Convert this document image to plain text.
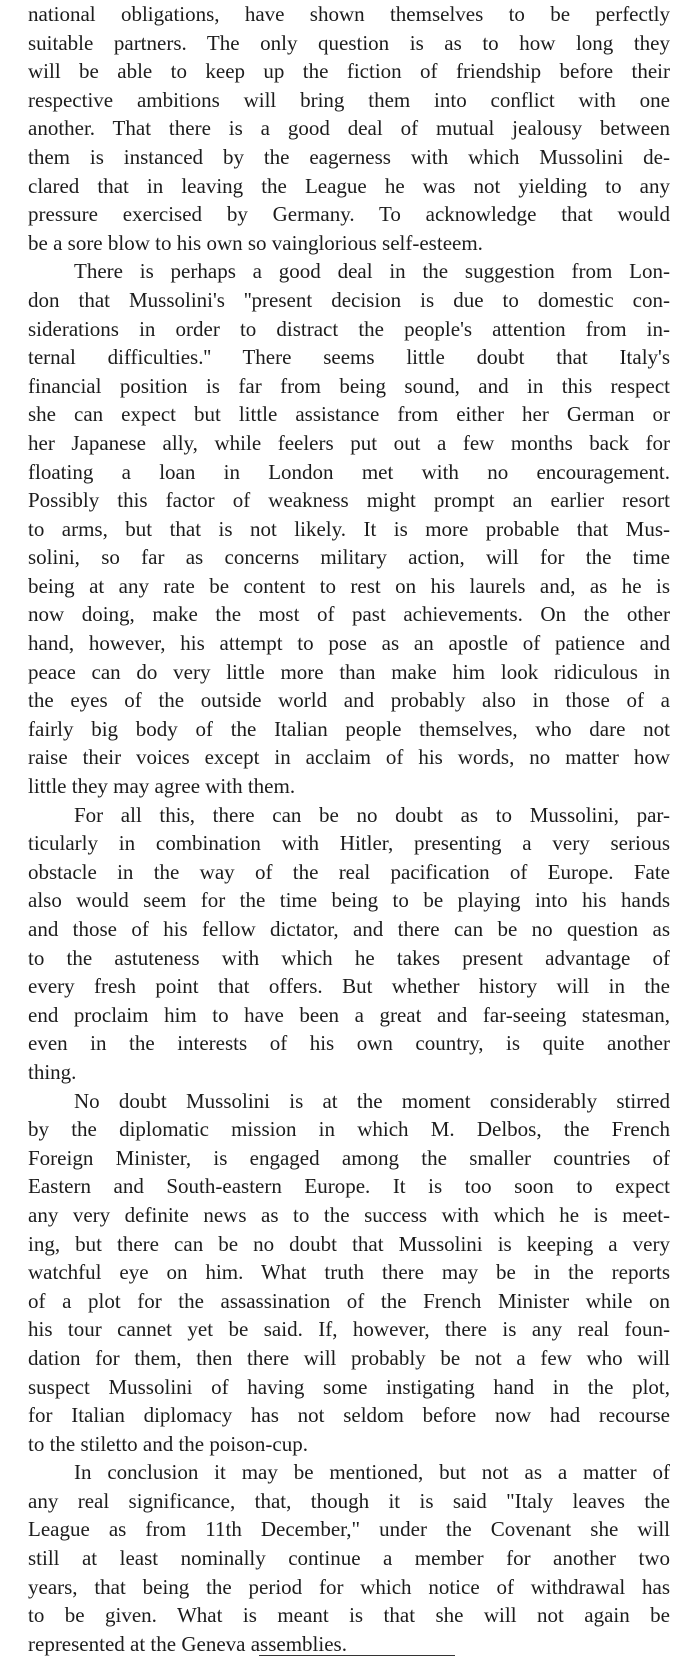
national obligations, have shown themselves to be perfectly
suitable partners. The only question is as to how long they
will be able to keep up the fiction of friendship before their
respective ambitions will bring them into conflict with one
another. That there is a good deal of mutual jealousy between
them is instanced by the eagerness with which Mussolini de-
clared that in leaving the League he was not yielding to any
pressure exercised by Germany. To acknowledge that would
be a sore blow to his own so vainglorious self-esteem.
There is perhaps a good deal in the suggestion from Lon-
don that Mussolini's ''present decision is due to domestic con-
siderations in order to distract the people's attention from in-
ternal difficulties.'' There seems little doubt that Italy's
financial position is far from being sound, and in this respect
she can expect but little assistance from either her German or
her Japanese ally, while feelers put out a few months back for
floating a loan in London met with no encouragement.
Possibly this factor of weakness might prompt an earlier resort
to arms, but that is not likely. It is more probable that Mus-
solini, so far as concerns military action, will for the time
being at any rate be content to rest on his laurels and, as he is
now doing, make the most of past achievements. On the other
hand, however, his attempt to pose as an apostle of patience and
peace can do very little more than make him look ridiculous in
the eyes of the outside world and probably also in those of a
fairly big body of the Italian people themselves, who dare not
raise their voices except in acclaim of his words, no matter how
little they may agree with them.
For all this, there can be no doubt as to Mussolini, par-
ticularly in combination with Hitler, presenting a very serious
obstacle in the way of the real pacification of Europe. Fate
also would seem for the time being to be playing into his hands
and those of his fellow dictator, and there can be no question as
to the astuteness with which he takes present advantage of
every fresh point that offers. But whether history will in the
end proclaim him to have been a great and far-seeing statesman,
even in the interests of his own country, is quite another
thing.
No doubt Mussolini is at the moment considerably stirred
by the diplomatic mission in which M. Delbos, the French
Foreign Minister, is engaged among the smaller countries of
Eastern and South-eastern Europe. It is too soon to expect
any very definite news as to the success with which he is meet-
ing, but there can be no doubt that Mussolini is keeping a very
watchful eye on him. What truth there may be in the reports
of a plot for the assassination of the French Minister while on
his tour cannet yet be said. If, however, there is any real foun-
dation for them, then there will probably be not a few who will
suspect Mussolini of having some instigating hand in the plot,
for Italian diplomacy has not seldom before now had recourse
to the stiletto and the poison-cup.
In conclusion it may be mentioned, but not as a matter of
any real significance, that, though it is said "Italy leaves the
League as from 11th December," under the Covenant she will
still at least nominally continue a member for another two
years, that being the period for which notice of withdrawal has
to be given. What is meant is that she will not again be
represented at the Geneva assemblies.
